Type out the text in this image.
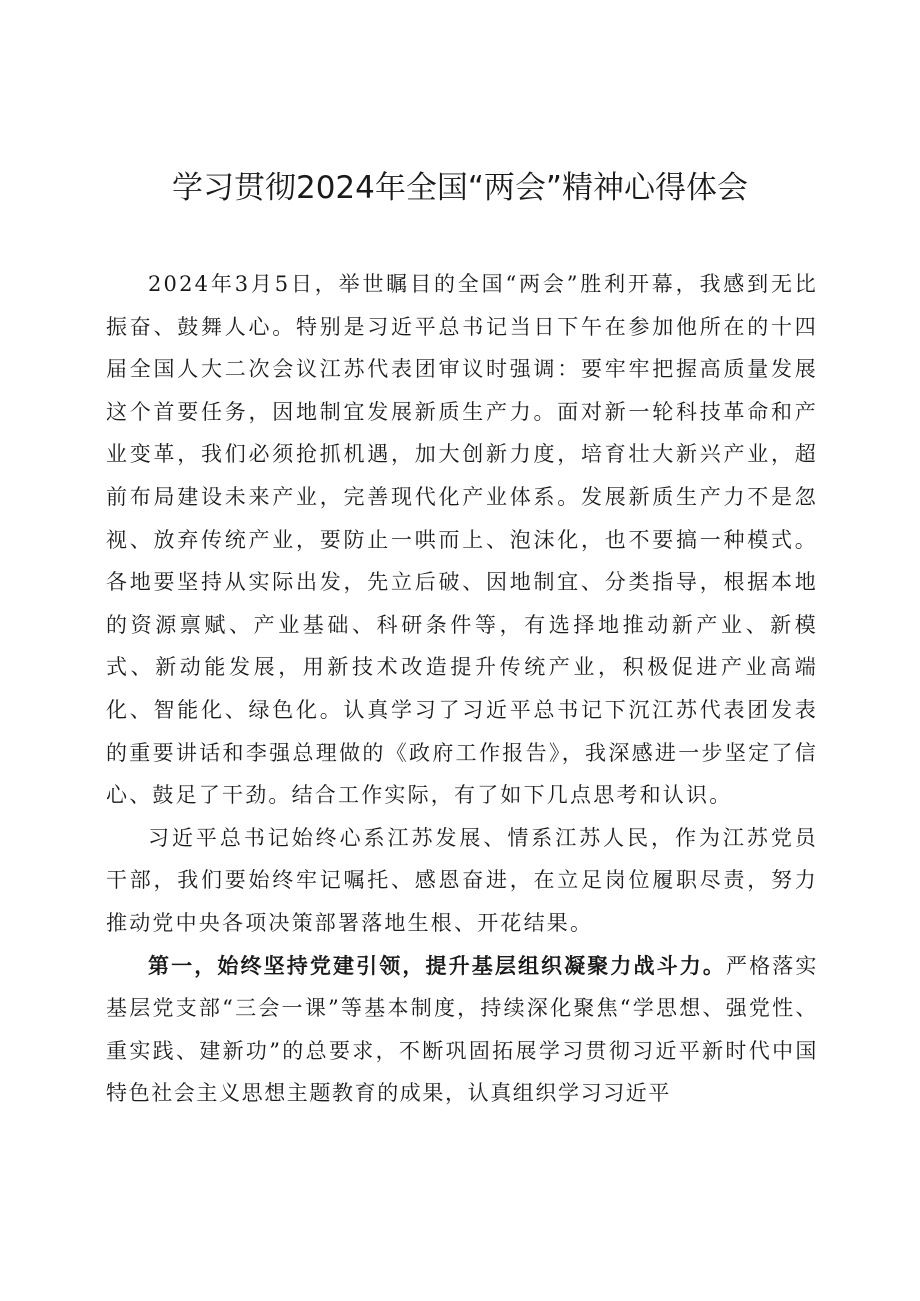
学习贯彻2024年全国“两会”精神心得体会

2024年3月5日，举世瞩目的全国“两会”胜利开幕，我感到无比振奋、鼓舞人心。特别是习近平总书记当日下午在参加他所在的十四届全国人大二次会议江苏代表团审议时强调：要牢牢把握高质量发展这个首要任务，因地制宜发展新质生产力。面对新一轮科技革命和产业变革，我们必须抢抓机遇，加大创新力度，培育壮大新兴产业，超前布局建设未来产业，完善现代化产业体系。发展新质生产力不是忽视、放弃传统产业，要防止一哄而上、泡沫化，也不要搞一种模式。各地要坚持从实际出发，先立后破、因地制宜、分类指导，根据本地的资源禀赋、产业基础、科研条件等，有选择地推动新产业、新模式、新动能发展，用新技术改造提升传统产业，积极促进产业高端化、智能化、绿色化。认真学习了习近平总书记下沉江苏代表团发表的重要讲话和李强总理做的《政府工作报告》，我深感进一步坚定了信心、鼓足了干劲。结合工作实际，有了如下几点思考和认识。

习近平总书记始终心系江苏发展、情系江苏人民，作为江苏党员干部，我们要始终牢记嘱托、感恩奋进，在立足岗位履职尽责，努力推动党中央各项决策部署落地生根、开花结果。

第一，始终坚持党建引领，提升基层组织凝聚力战斗力。严格落实基层党支部“三会一课”等基本制度，持续深化聚焦“学思想、强党性、重实践、建新功”的总要求，不断巩固拓展学习贯彻习近平新时代中国特色社会主义思想主题教育的成果，认真组织学习习近平
